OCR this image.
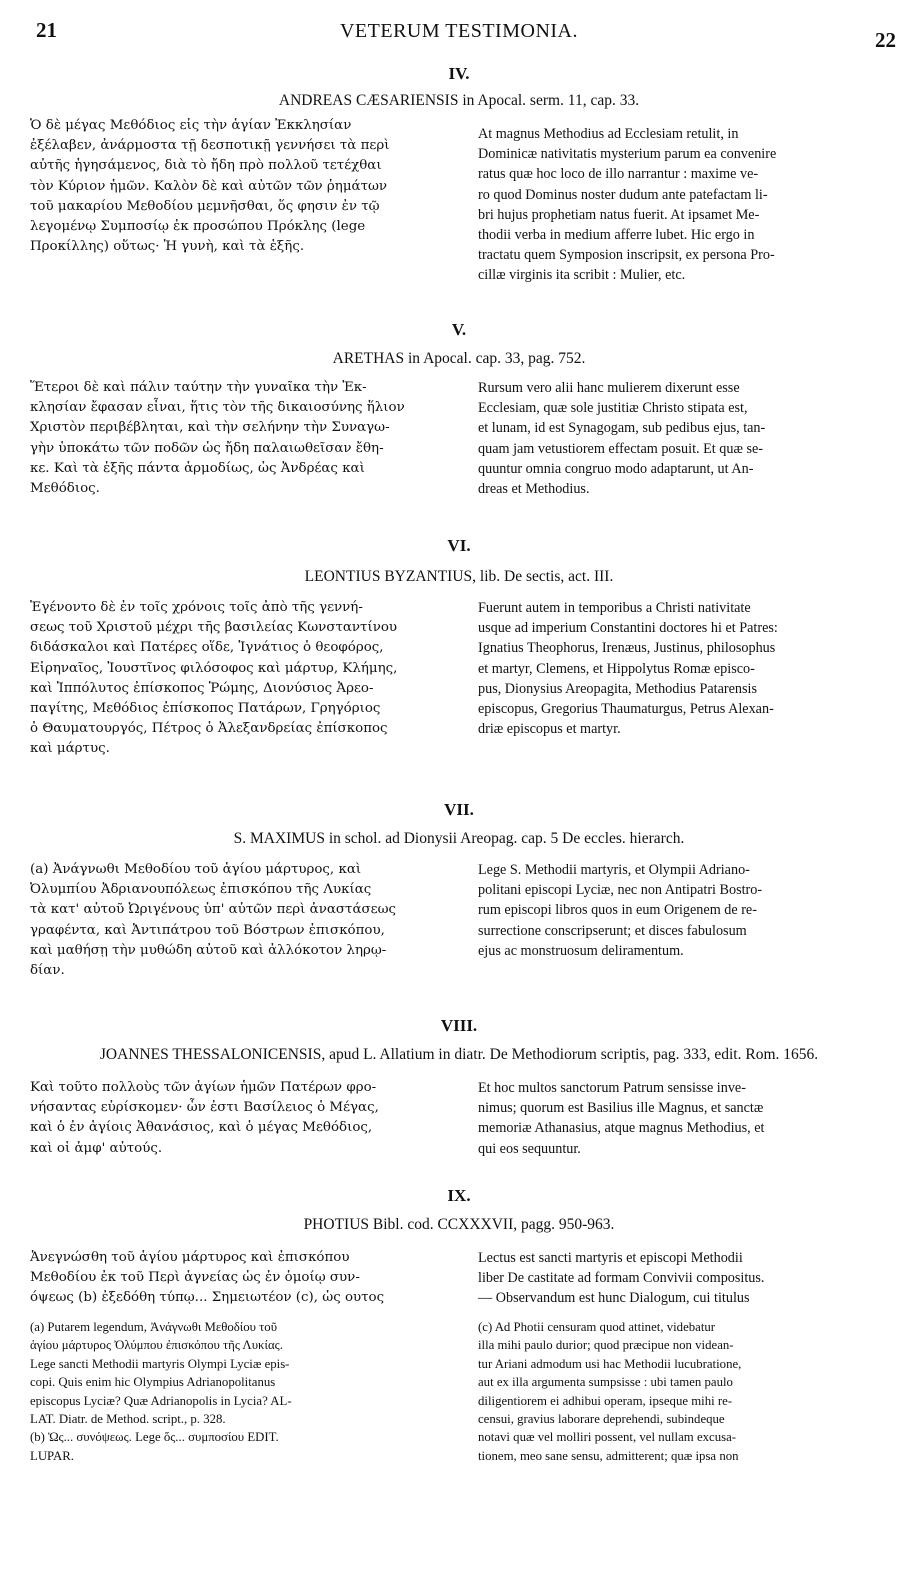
VETERUM TESTIMONIA.
21	22
IV.
ANDREAS CÆSARIENSIS in Apocal. serm. 11, cap. 33.
Ὁ δὲ μέγας Μεθόδιος εἰς τὴν ἁγίαν Ἐκκλησίαν
ἐξέλαβεν, ἀνάρμοστα τῇ δεσποτικῇ γεννήσει τὰ περὶ
αὐτῆς ἡγησάμενος, διὰ τὸ ἤδη πρὸ πολλοῦ τετέχθαι
τὸν Κύριον ἡμῶν. Καλὸν δὲ καὶ αὐτῶν τῶν ῥημάτων
τοῦ μακαρίου Μεθοδίου μεμνῆσθαι, ὅς φησιν ἐν τῷ
λεγομένῳ Συμποσίῳ ἐκ προσώπου Πρόκλης (lege
Προκίλλης) οὕτως· Ἡ γυνὴ, καὶ τὰ ἑξῆς.
At magnus Methodius ad Ecclesiam retulit, in
Dominicæ nativitatis mysterium parum ea convenire
ratus quæ hoc loco de illo narrantur : maxime ve-
ro quod Dominus noster dudum ante patefactam li-
bri hujus prophetiam natus fuerit. At ipsamet Me-
thodii verba in medium afferre lubet. Hic ergo in
tractatu quem Symposion inscripsit, ex persona Pro-
cillæ virginis ita scribit : Mulier, etc.
V.
ARETHAS in Apocal. cap. 33, pag. 752.
Ἕτεροι δὲ καὶ πάλιν ταύτην τὴν γυναῖκα τὴν Ἐκ-
κλησίαν ἔφασαν εἶναι, ἥτις τὸν τῆς δικαιοσύνης ἥλιον
Χριστὸν περιβέβληται, καὶ τὴν σελήνην τὴν Συναγω-
γὴν ὑποκάτω τῶν ποδῶν ὡς ἤδη παλαιωθεῖσαν ἔθη-
κε. Καὶ τὰ ἑξῆς πάντα ἁρμοδίως, ὡς Ἀνδρέας καὶ
Μεθόδιος.
Rursum vero alii hanc mulierem dixerunt esse
Ecclesiam, quæ sole justitiæ Christo stipata est,
et lunam, id est Synagogam, sub pedibus ejus, tan-
quam jam vetustiorem effectam posuit. Et quæ se-
quuntur omnia congruo modo adaptarunt, ut An-
dreas et Methodius.
VI.
LEONTIUS BYZANTIUS, lib. De sectis, act. III.
Ἐγένοντο δὲ ἐν τοῖς χρόνοις τοῖς ἀπὸ τῆς γεννή-
σεως τοῦ Χριστοῦ μέχρι τῆς βασιλείας Κωνσταντίνου
διδάσκαλοι καὶ Πατέρες οἵδε, Ἰγνάτιος ὁ θεοφόρος,
Εἰρηναῖος, Ἰουστῖνος φιλόσοφος καὶ μάρτυρ, Κλήμης,
καὶ Ἱππόλυτος ἐπίσκοπος Ῥώμης, Διονύσιος Ἀρεο-
παγίτης, Μεθόδιος ἐπίσκοπος Πατάρων, Γρηγόριος
ὁ Θαυματουργός, Πέτρος ὁ Ἀλεξανδρείας ἐπίσκοπος
καὶ μάρτυς.
Fuerunt autem in temporibus a Christi nativitate
usque ad imperium Constantini doctores hi et Patres:
Ignatius Theophorus, Irenæus, Justinus, philosophus
et martyr, Clemens, et Hippolytus Romæ episco-
pus, Dionysius Areopagita, Methodius Patarensis
episcopus, Gregorius Thaumaturgus, Petrus Alexan-
driæ episcopus et martyr.
VII.
S. MAXIMUS in schol. ad Dionysii Areopag. cap. 5 De eccles. hierarch.
(a) Ἀνάγνωθι Μεθοδίου τοῦ ἁγίου μάρτυρος, καὶ
Ὀλυμπίου Ἀδριανουπόλεως ἐπισκόπου τῆς Λυκίας
τὰ κατ' αὐτοῦ Ὠριγένους ὑπ' αὐτῶν περὶ ἀναστάσεως
γραφέντα, καὶ Ἀντιπάτρου τοῦ Βόστρων ἐπισκόπου,
καὶ μαθήσῃ τὴν μυθώδη αὐτοῦ καὶ ἀλλόκοτον ληρῳ-
δίαν.
Lege S. Methodii martyris, et Olympii Adriano-
politani episcopi Lyciæ, nec non Antipatri Bostro-
rum episcopi libros quos in eum Origenem de re-
surrectione conscripserunt; et disces fabulosum
ejus ac monstruosum deliramentum.
VIII.
JOANNES THESSALONICENSIS, apud L. Allatium in diatr. De Methodiorum scriptis, pag. 333, edit. Rom. 1656.
Καὶ τοῦτο πολλοὺς τῶν ἁγίων ἡμῶν Πατέρων φρο-
νήσαντας εὑρίσκομεν· ὧν ἐστι Βασίλειος ὁ Μέγας,
καὶ ὁ ἐν ἁγίοις Ἀθανάσιος, καὶ ὁ μέγας Μεθόδιος,
καὶ οἱ ἀμφ' αὐτούς.
Et hoc multos sanctorum Patrum sensisse inve-
nimus; quorum est Basilius ille Magnus, et sanctæ
memoriæ Athanasius, atque magnus Methodius, et
qui eos sequuntur.
IX.
PHOTIUS Bibl. cod. CCXXXVII, pagg. 950-963.
Ἀνεγνώσθη τοῦ ἁγίου μάρτυρος καὶ ἐπισκόπου
Μεθοδίου ἐκ τοῦ Περὶ ἁγνείας ὡς ἐν ὁμοίῳ συν-
όψεως (b) ἐξεδόθη τύπῳ... Σημειωτέον (c), ὡς ουτος
Lectus est sancti martyris et episcopi Methodii
liber De castitate ad formam Convivii compositus.
— Observandum est hunc Dialogum, cui titulus
(a) Putarem legendum, Ἀνάγνωθι Μεθοδίου τοῦ
ἁγίου μάρτυρος Ὀλύμπου ἐπισκόπου τῆς Λυκίας.
Lege sancti Methodii martyris Olympi Lyciæ epis-
copi. Quis enim hic Olympius Adrianopolitanus
episcopus Lyciæ? Quæ Adrianopolis in Lycia? AL-
LAT. Diatr. de Method. script., p. 328.
(b) Ὡς... συνόψεως. Lege ὅς... συμποσίου EDIT.
LUPAR.
(c) Ad Photii censuram quod attinet, videbatur
illa mihi paulo durior; quod præcipue non videan-
tur Ariani admodum usi hac Methodii lucubratione,
aut ex illa argumenta sumpsisse : ubi tamen paulo
diligentiorem ei adhibui operam, ipseque mihi re-
censui, gravius laborare deprehendi, subindeque
notavi quæ vel molliri possent, vel nullam excusa-
tionem, meo sane sensu, admitterent; quæ ipsa non
